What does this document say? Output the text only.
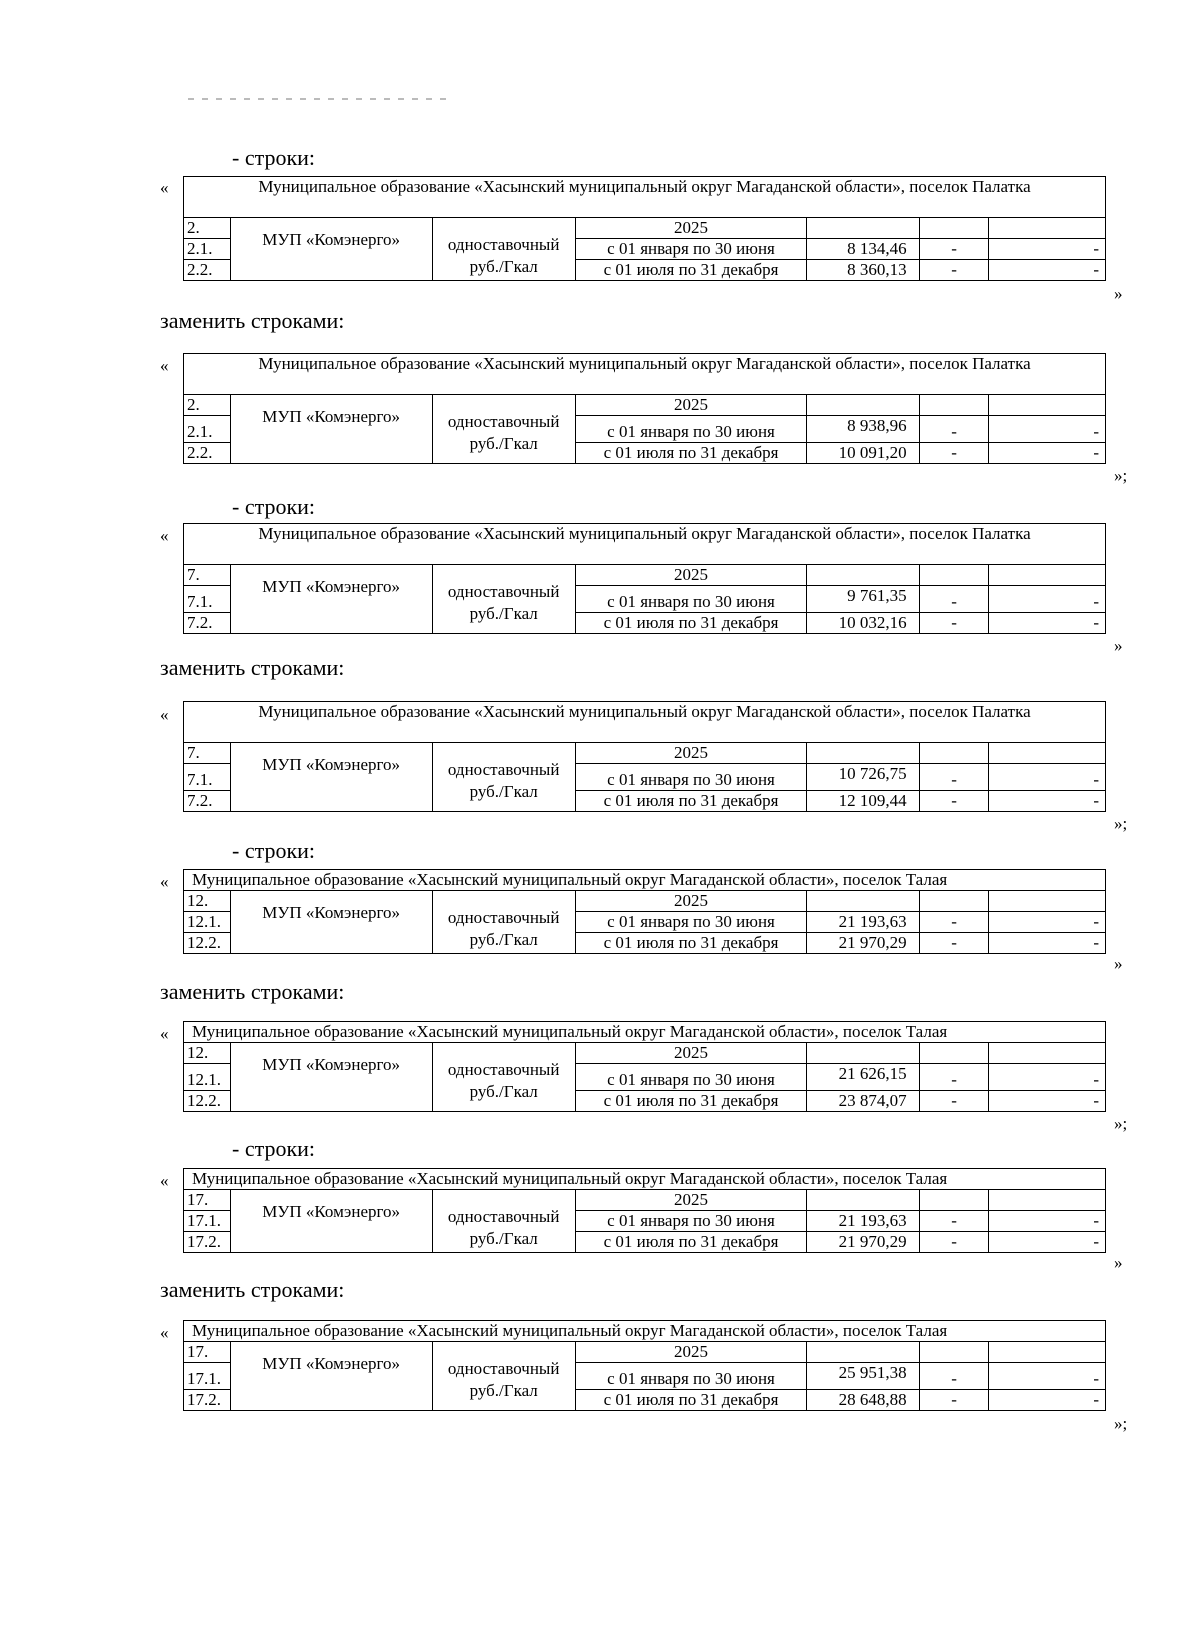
- строки:
«	Муниципальное образование «Хасынский муниципальный округ Магаданской области», поселок Палатка						
2.	МУП «Комэнерго»	одноставочный руб./Гкал	2025			
2.1.			с 01 января по 30 июня	8 134,46	-	-
2.2.			с 01 июля по 31 декабря	8 360,13	-	-
»
заменить строками:
«	Муниципальное образование «Хасынский муниципальный округ Магаданской области», поселок Палатка						
2.	МУП «Комэнерго»	одноставочный руб./Гкал	2025			
2.1.			с 01 января по 30 июня	8 938,96	-	-
2.2.			с 01 июля по 31 декабря	10 091,20	-	-
»;
- строки:
«	Муниципальное образование «Хасынский муниципальный округ Магаданской области», поселок Палатка						
7.	МУП «Комэнерго»	одноставочный руб./Гкал	2025			
7.1.			с 01 января по 30 июня	9 761,35	-	-
7.2.			с 01 июля по 31 декабря	10 032,16	-	-
»
заменить строками:
«	Муниципальное образование «Хасынский муниципальный округ Магаданской области», поселок Палатка						
7.	МУП «Комэнерго»	одноставочный руб./Гкал	2025			
7.1.			с 01 января по 30 июня	10 726,75	-	-
7.2.			с 01 июля по 31 декабря	12 109,44	-	-
»;
- строки:
« Муниципальное образование «Хасынский муниципальный округ Магаданской области», поселок Талая						
12.	МУП «Комэнерго»	одноставочный руб./Гкал	2025			
12.1.			с 01 января по 30 июня	21 193,63	-	-
12.2.			с 01 июля по 31 декабря	21 970,29	-	-
»
заменить строками:
« Муниципальное образование «Хасынский муниципальный округ Магаданской области», поселок Талая						
12.	МУП «Комэнерго»	одноставочный руб./Гкал	2025			
12.1.			с 01 января по 30 июня	21 626,15	-	-
12.2.			с 01 июля по 31 декабря	23 874,07	-	-
»;
- строки:
« Муниципальное образование «Хасынский муниципальный округ Магаданской области», поселок Талая						
17.	МУП «Комэнерго»	одноставочный руб./Гкал	2025			
17.1.			с 01 января по 30 июня	21 193,63	-	-
17.2.			с 01 июля по 31 декабря	21 970,29	-	-
»
заменить строками:
« Муниципальное образование «Хасынский муниципальный округ Магаданской области», поселок Талая						
17.	МУП «Комэнерго»	одноставочный руб./Гкал	2025			
17.1.			с 01 января по 30 июня	25 951,38	-	-
17.2.			с 01 июля по 31 декабря	28 648,88	-	-
»;
